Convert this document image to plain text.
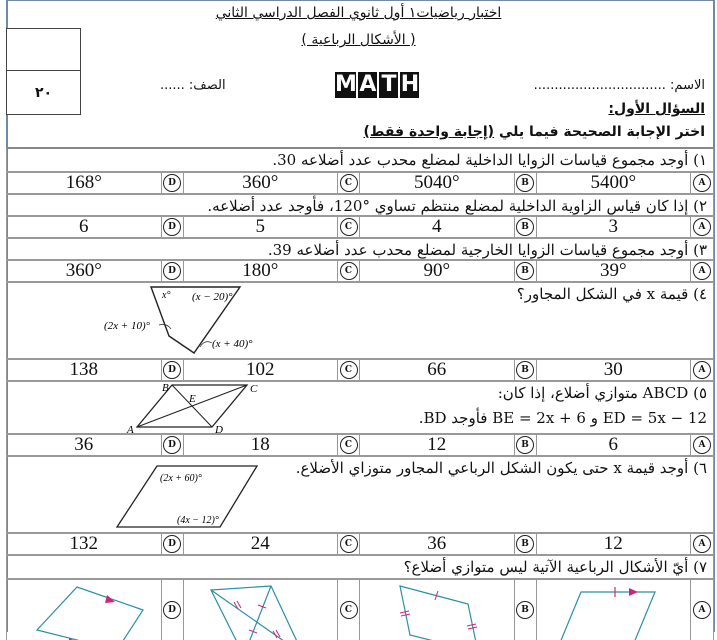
اختبار رياضيات١ أول ثانوي الفصل الدراسي الثاني
( الأشكال الرباعية )
٢٠	الاسم: ................................
M A T H
الصف: ......
السؤال الأول:
اختر الإجابة الصحيحة فيما يلي (إجابة واحدة فقط)
١) أوجد مجموع قياسات الزوايا الداخلية لمضلع محدب عدد أضلاعه 30.
168°	D	360°	C	5040°	B	5400°	A
٢) إذا كان قياس الزاوية الداخلية لمضلع منتظم تساوي °120، فأوجد عدد أضلاعه.
6	D	5	C	4	B	3	A
٣) أوجد مجموع قياسات الزوايا الخارجية لمضلع محدب عدد أضلاعه 39.
360°	D	180°	C	90°	B	39°	A
٤) قيمة x في الشكل المجاور؟
x° (x − 20)°
(2x + 10)°
(x + 40)°
138	D	102	C	66	B	30	A
٥) ABCD متوازي أضلاع، إذا كان:
ED = 5x − 12 و BE = 2x + 6 فأوجد BD.
A
B	C
D
E
36	D	18	C	12	B	6	A
٦) أوجد قيمة x حتى يكون الشكل الرباعي المجاور متوزاي الأضلاع.
(2x + 60)°
(4x − 12)°
132	D	24	C	36	B	12	A
٧) أيّ الأشكال الرباعية الآتية ليس متوازي أضلاع؟
D	C	B	A
